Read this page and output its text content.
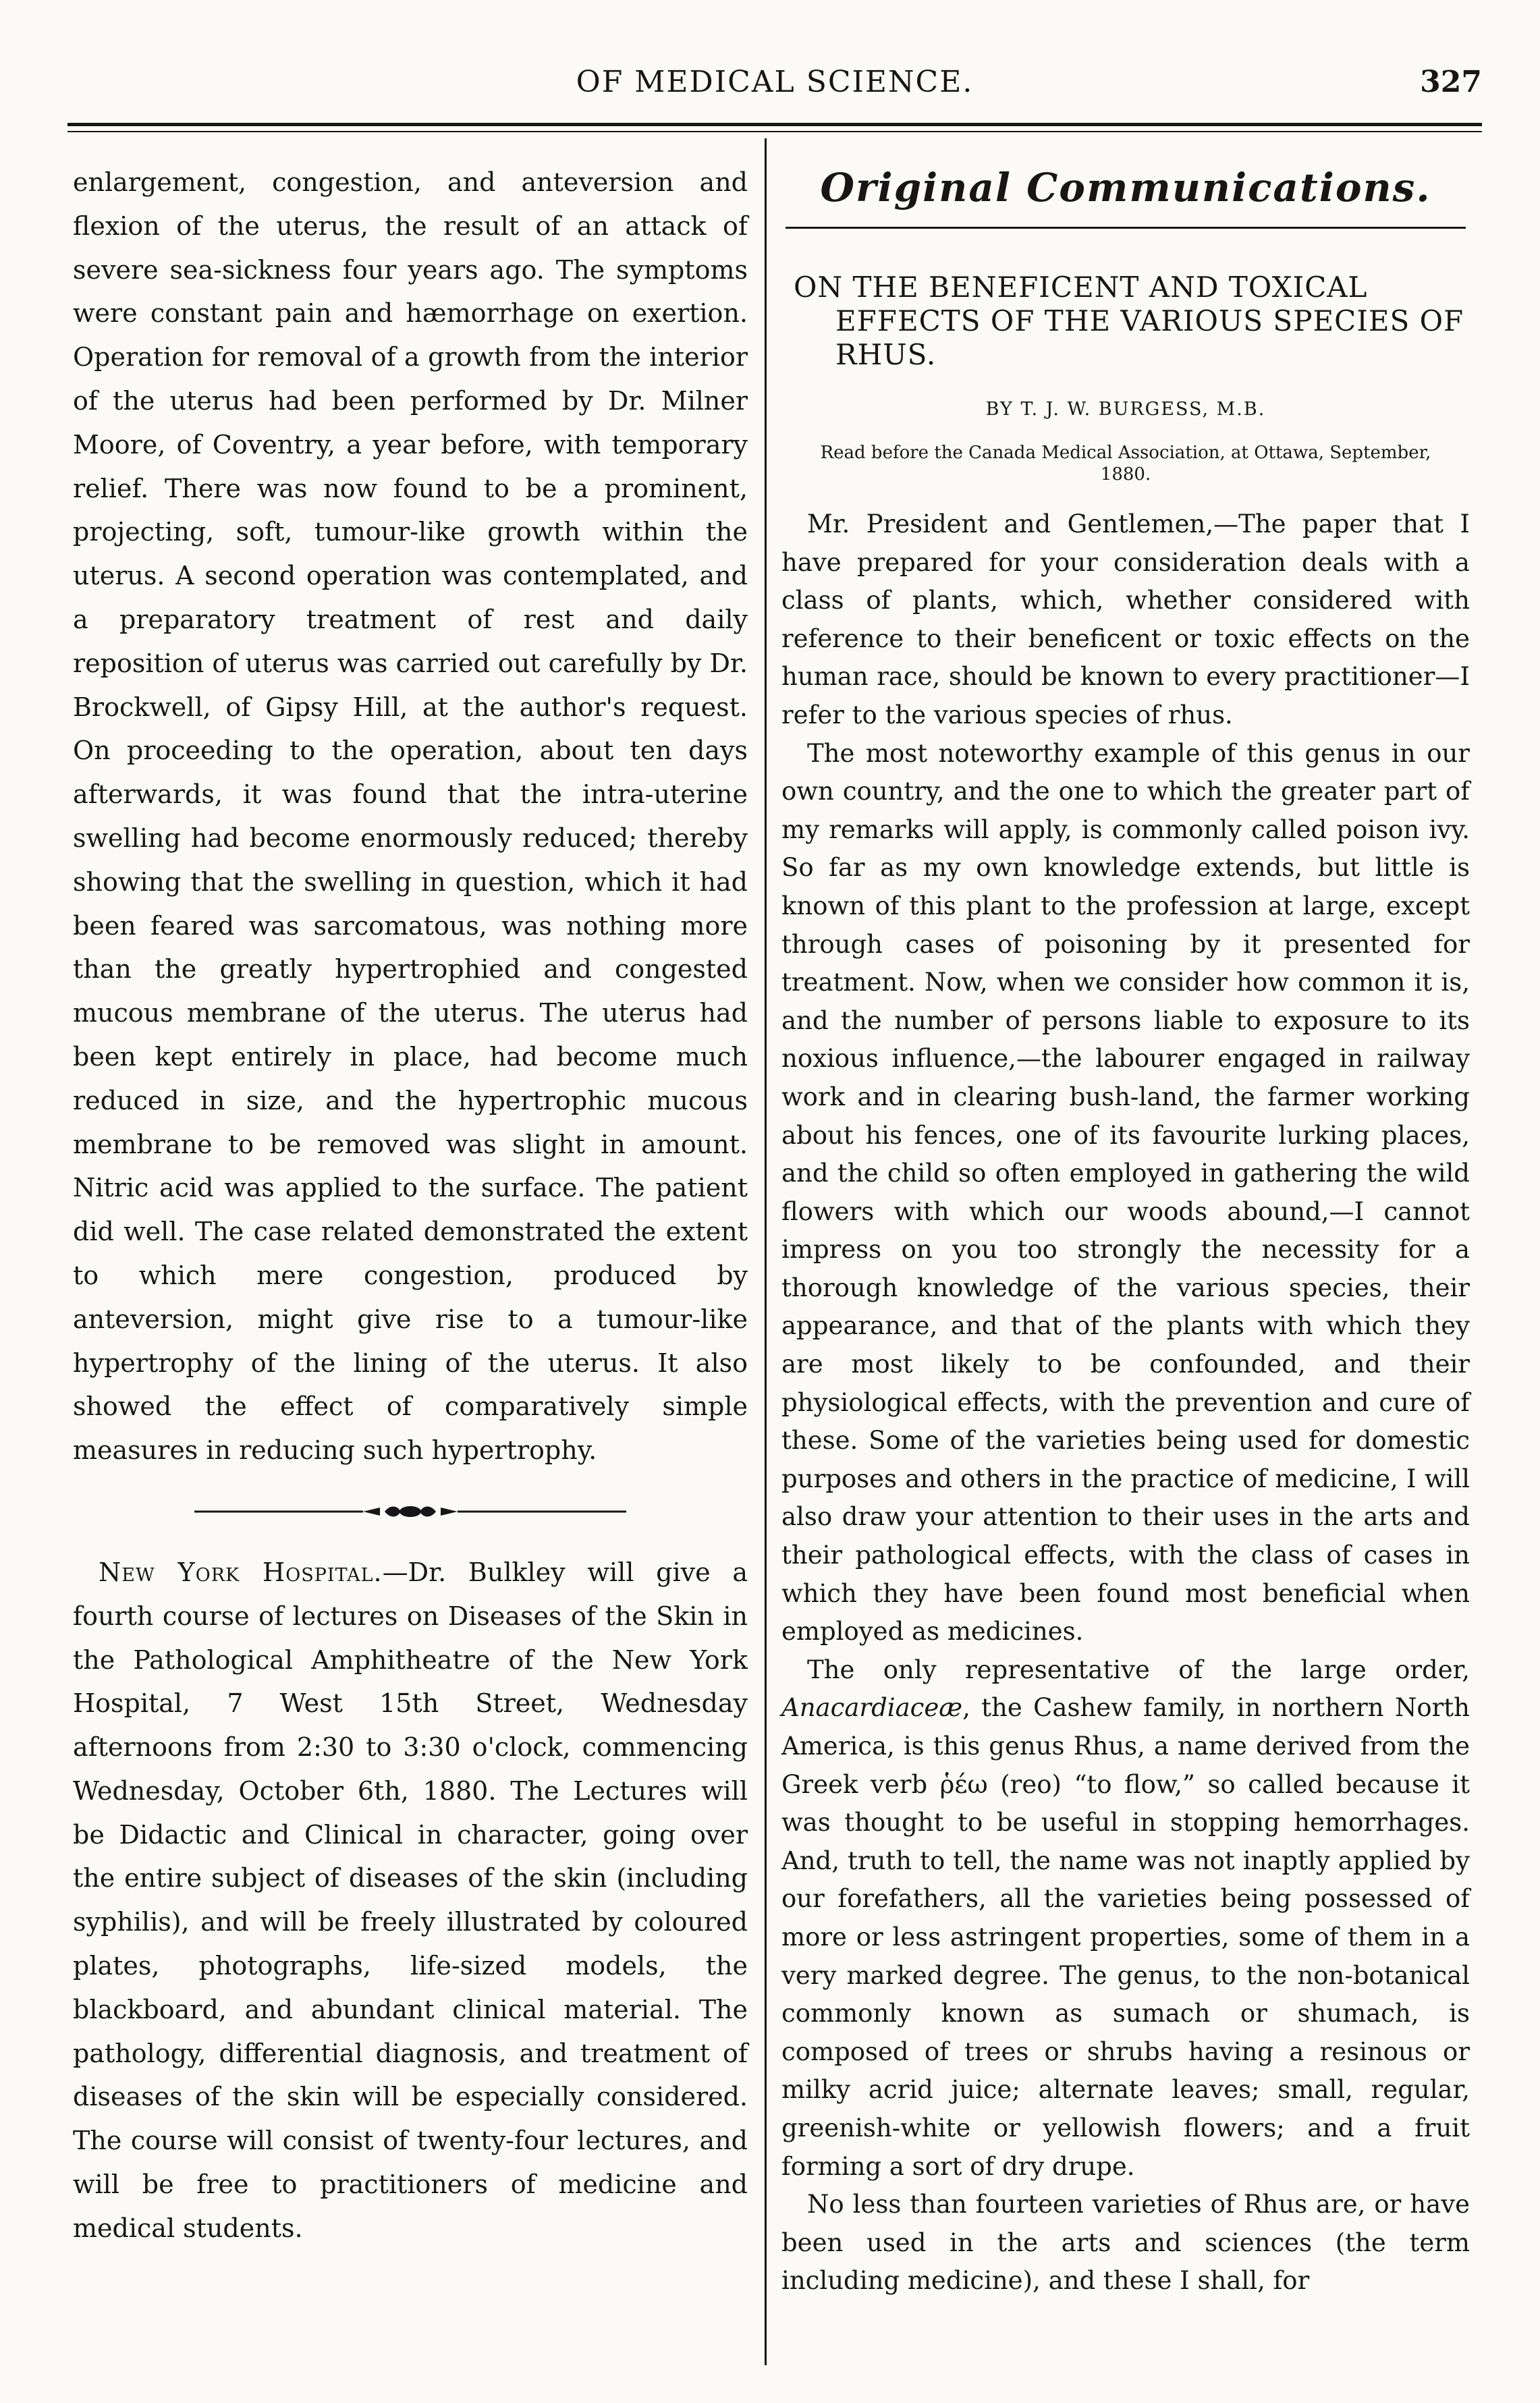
OF MEDICAL SCIENCE.	327

enlargement, congestion, and anteversion and flexion of the uterus, the result of an attack of severe sea-sickness four years ago. The symptoms were constant pain and hæmorrhage on exertion. Operation for removal of a growth from the interior of the uterus had been performed by Dr. Milner Moore, of Coventry, a year before, with temporary relief. There was now found to be a prominent, projecting, soft, tumour-like growth within the uterus. A second operation was contemplated, and a preparatory treatment of rest and daily reposition of uterus was carried out carefully by Dr. Brockwell, of Gipsy Hill, at the author's request. On proceeding to the operation, about ten days afterwards, it was found that the intra-uterine swelling had become enormously reduced; thereby showing that the swelling in question, which it had been feared was sarcomatous, was nothing more than the greatly hypertrophied and congested mucous membrane of the uterus. The uterus had been kept entirely in place, had become much reduced in size, and the hypertrophic mucous membrane to be removed was slight in amount. Nitric acid was applied to the surface. The patient did well. The case related demonstrated the extent to which mere congestion, produced by anteversion, might give rise to a tumour-like hypertrophy of the lining of the uterus. It also showed the effect of comparatively simple measures in reducing such hypertrophy.

New York Hospital.—Dr. Bulkley will give a fourth course of lectures on Diseases of the Skin in the Pathological Amphitheatre of the New York Hospital, 7 West 15th Street, Wednesday afternoons from 2:30 to 3:30 o'clock, commencing Wednesday, October 6th, 1880. The Lectures will be Didactic and Clinical in character, going over the entire subject of diseases of the skin (including syphilis), and will be freely illustrated by coloured plates, photographs, life-sized models, the blackboard, and abundant clinical material. The pathology, differential diagnosis, and treatment of diseases of the skin will be especially considered. The course will consist of twenty-four lectures, and will be free to practitioners of medicine and medical students.

Original Communications.
ON THE BENEFICENT AND TOXICAL EFFECTS OF THE VARIOUS SPECIES OF RHUS.
BY T. J. W. BURGESS, M.B.
Read before the Canada Medical Association, at Ottawa, September, 1880.

Mr. President and Gentlemen,—The paper that I have prepared for your consideration deals with a class of plants, which, whether considered with reference to their beneficent or toxic effects on the human race, should be known to every practitioner—I refer to the various species of rhus.

The most noteworthy example of this genus in our own country, and the one to which the greater part of my remarks will apply, is commonly called poison ivy. So far as my own knowledge extends, but little is known of this plant to the profession at large, except through cases of poisoning by it presented for treatment. Now, when we consider how common it is, and the number of persons liable to exposure to its noxious influence,—the labourer engaged in railway work and in clearing bush-land, the farmer working about his fences, one of its favourite lurking places, and the child so often employed in gathering the wild flowers with which our woods abound,—I cannot impress on you too strongly the necessity for a thorough knowledge of the various species, their appearance, and that of the plants with which they are most likely to be confounded, and their physiological effects, with the prevention and cure of these. Some of the varieties being used for domestic purposes and others in the practice of medicine, I will also draw your attention to their uses in the arts and their pathological effects, with the class of cases in which they have been found most beneficial when employed as medicines.

The only representative of the large order, Anacardiaceæ, the Cashew family, in northern North America, is this genus Rhus, a name derived from the Greek verb ῥέω (reo) “to flow,” so called because it was thought to be useful in stopping hemorrhages. And, truth to tell, the name was not inaptly applied by our forefathers, all the varieties being possessed of more or less astringent properties, some of them in a very marked degree. The genus, to the non-botanical commonly known as sumach or shumach, is composed of trees or shrubs having a resinous or milky acrid juice; alternate leaves; small, regular, greenish-white or yellowish flowers; and a fruit forming a sort of dry drupe.

No less than fourteen varieties of Rhus are, or have been used in the arts and sciences (the term including medicine), and these I shall, for
